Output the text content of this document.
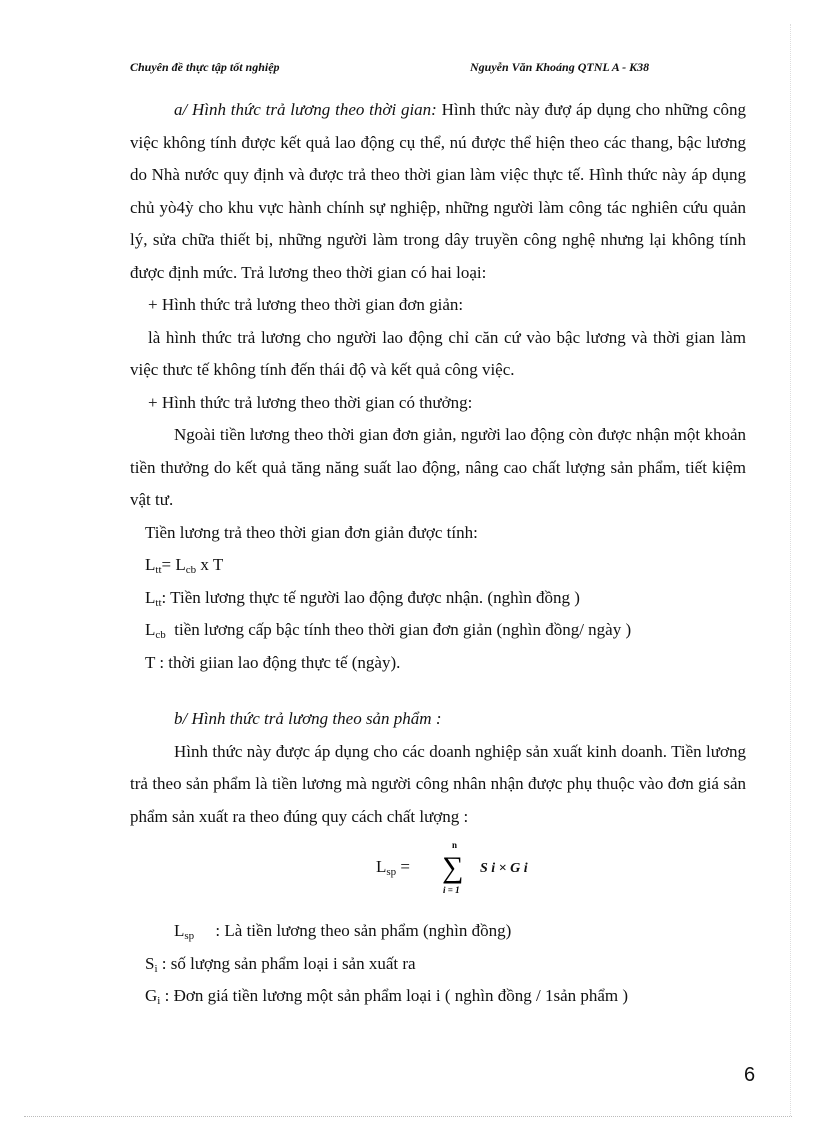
Chuyên đề thực tập tốt nghiệp	Nguyễn Văn Khoáng QTNL A - K38

a/ Hình thức trả lương theo thời gian: Hình thức này đượ áp dụng cho những công việc không tính được kết quả lao động cụ thể, nú được thể hiện theo các thang, bậc lương do Nhà nước quy định và được trả theo thời gian làm việc thực tế. Hình thức này áp dụng chủ yò4ỳ cho khu vực hành chính sự nghiệp, những người làm công tác nghiên cứu quản lý, sửa chữa thiết bị, những người làm trong dây truyền công nghệ nhưng lại không tính được định mức. Trả lương theo thời gian có hai loại:

+ Hình thức trả lương theo thời gian đơn giản:

là hình thức trả lương cho người lao động chỉ căn cứ vào bậc lương và thời gian làm việc thưc tế không tính đến thái độ và kết quả công việc.

+ Hình thức trả lương theo thời gian có thưởng:

Ngoài tiền lương theo thời gian đơn giản, người lao động còn được nhận một khoản tiền thưởng do kết quả tăng năng suất lao động, nâng cao chất lượng sản phẩm, tiết kiệm vật tư.

Tiền lương trả theo thời gian đơn giản được tính:

$L_{tt}= L_{cb}$ x T

$L_{tt}$: Tiền lương thực tế người lao động được nhận. (nghìn đồng )

$L_{cb}$  tiền lương cấp bậc tính theo thời gian đơn giản (nghìn đồng/ ngày )

T : thời giian lao động thực tế (ngày).

b/ Hình thức trả lương theo sản phẩm :

Hình thức này được áp dụng cho các doanh nghiệp sản xuất kinh doanh. Tiền lương trả theo sản phẩm là tiền lương mà người công nhân nhận được phụ thuộc vào đơn giá sản phẩm sản xuất ra theo đúng quy cách chất lượng :

$L_{sp}$ =
n
∑
i = 1
S i × G i

$L_{sp}$     : Là tiền lương theo sản phẩm (nghìn đồng)

$S_i$ : số lượng sản phẩm loại i sản xuất ra

$G_i$ : Đơn giá tiền lương một sản phẩm loại i ( nghìn đồng / 1sản phẩm )

6
